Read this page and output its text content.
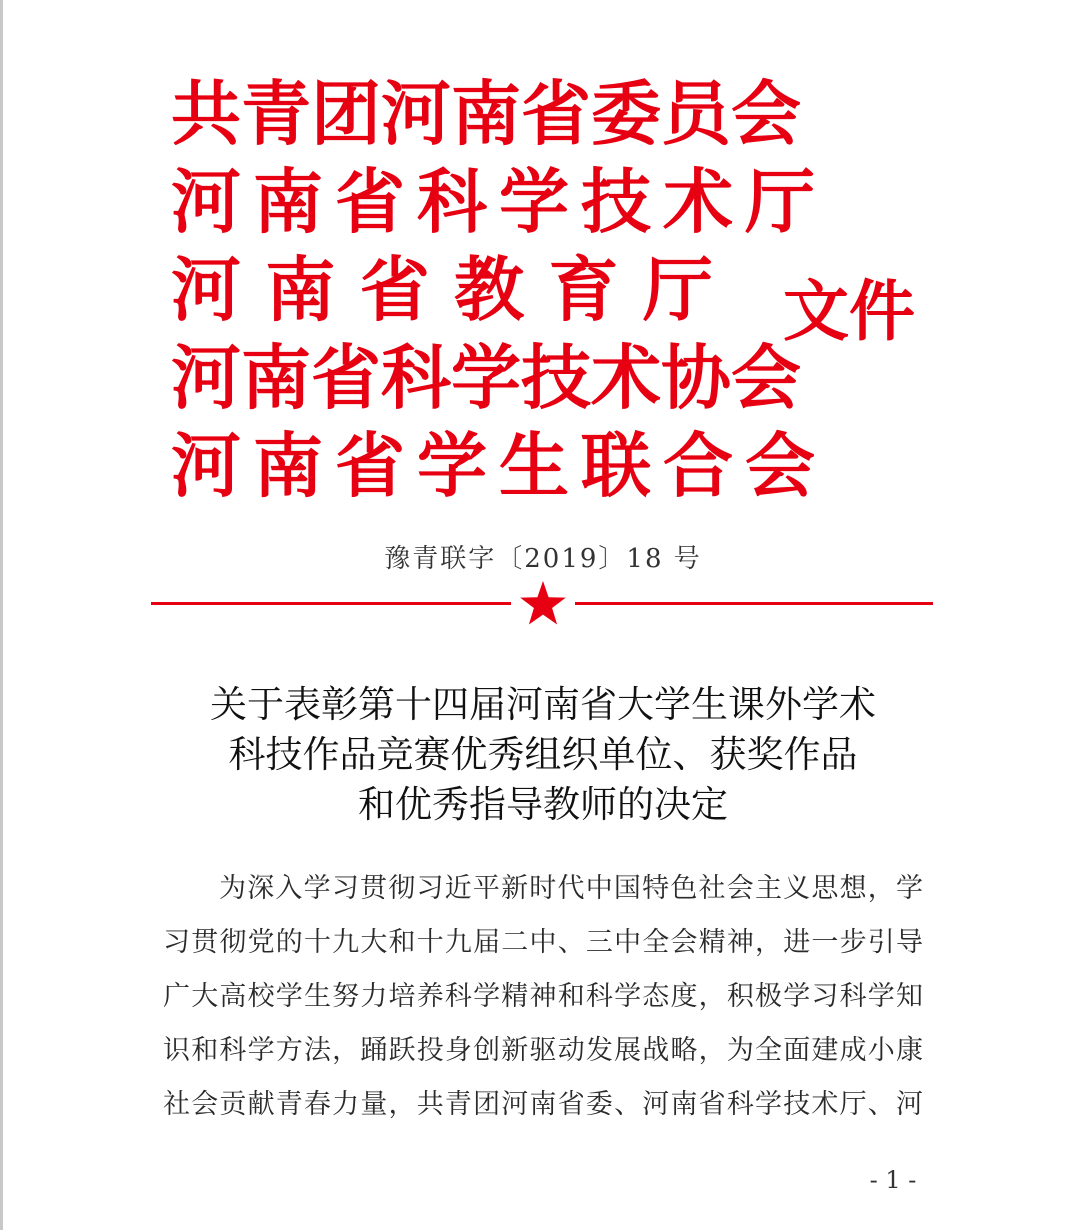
共青团河南省委员会
河南省科学技术厅
河 南 省 教 育 厅
河南省科学技术协会
河南省学生联合会
文件
豫青联字〔2019〕18 号
关于表彰第十四届河南省大学生课外学术
科技作品竞赛优秀组织单位、获奖作品
和优秀指导教师的决定
为深入学习贯彻习近平新时代中国特色社会主义思想，学
习贯彻党的十九大和十九届二中、三中全会精神，进一步引导
广大高校学生努力培养科学精神和科学态度，积极学习科学知
识和科学方法，踊跃投身创新驱动发展战略，为全面建成小康
社会贡献青春力量，共青团河南省委、河南省科学技术厅、河
- 1 -
